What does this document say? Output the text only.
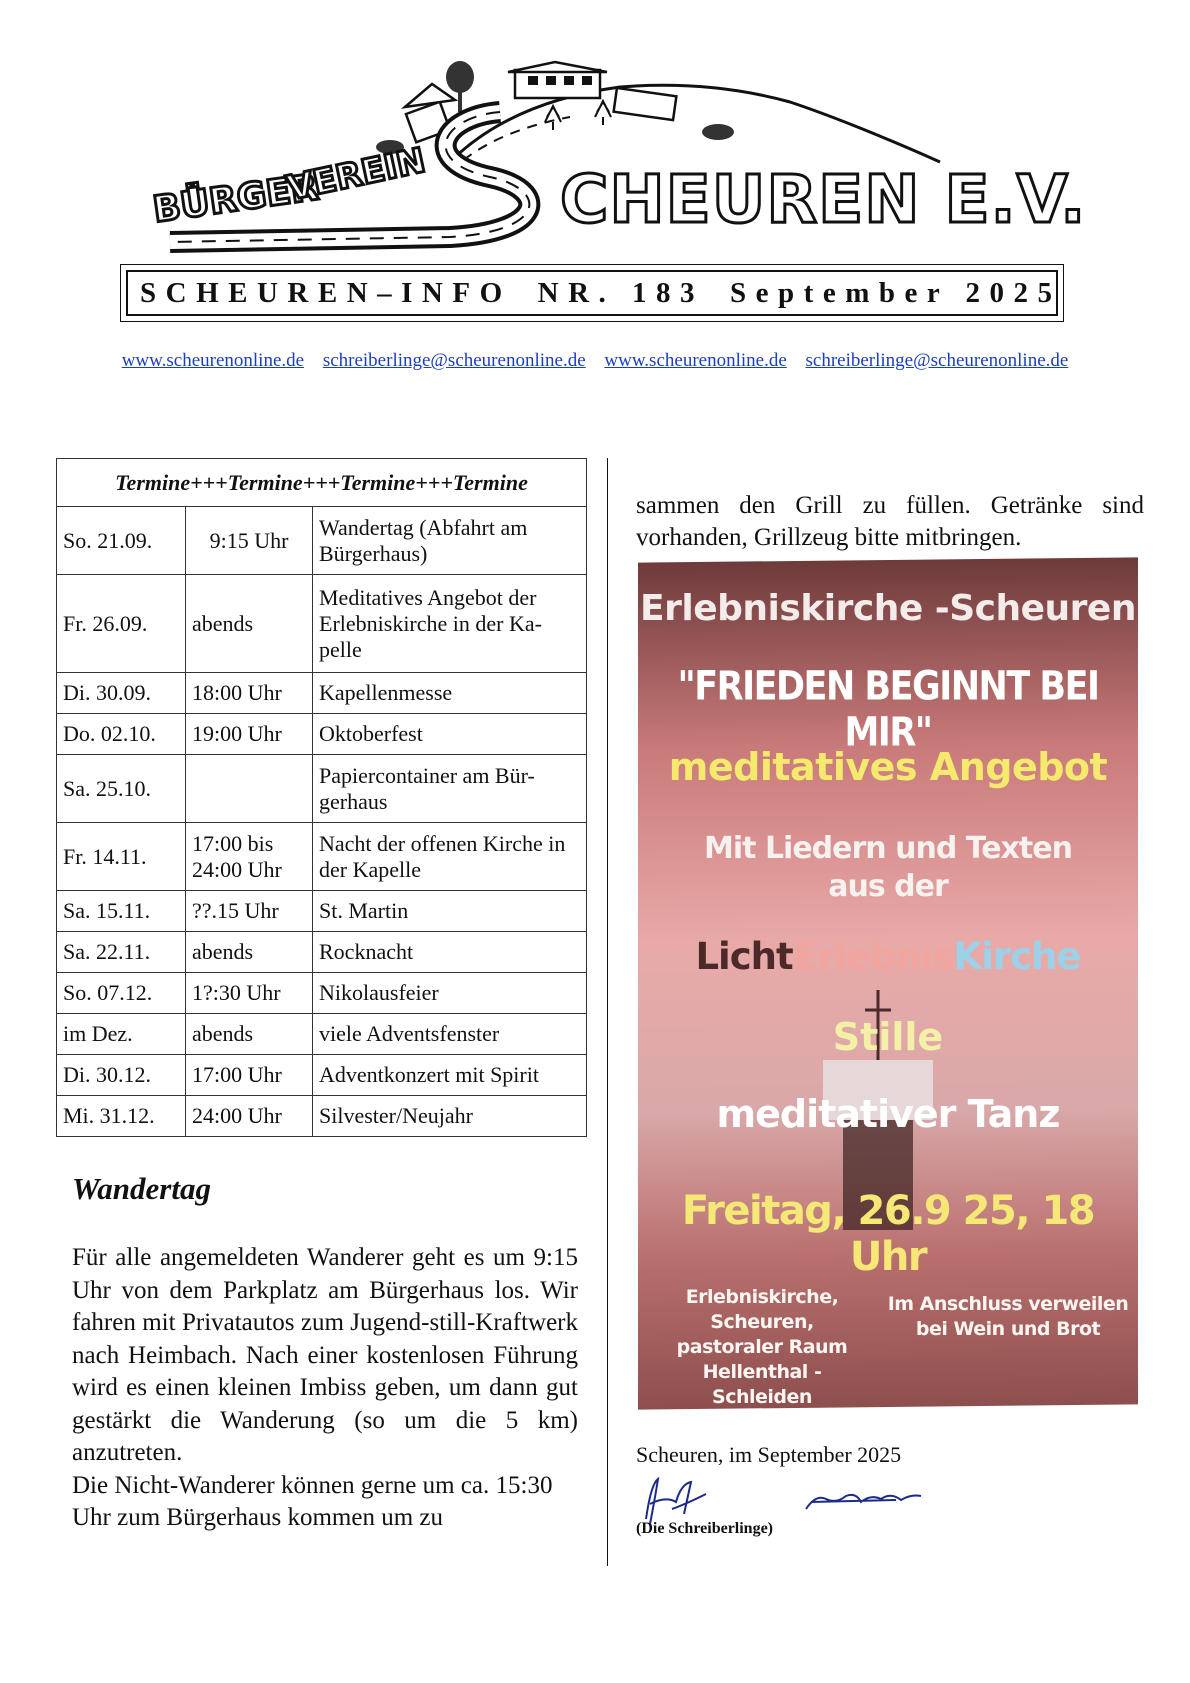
BÜRGER
VEREIN CHEUREN E.V.
SCHEUREN–INFO NR. 183 September 2025
www.scheurenonline.de schreiberlinge@scheurenonline.de www.scheurenonline.de schreiberlinge@scheurenonline.de
Termine+++Termine+++Termine+++Termine		
So. 21.09.	9:15 Uhr	Wandertag (Abfahrt am Bürgerhaus)
Fr. 26.09.	abends	Meditatives Angebot der Erlebniskirche in der Ka-pelle
Di. 30.09.	18:00 Uhr	Kapellenmesse
Do. 02.10.	19:00 Uhr	Oktoberfest
Sa. 25.10.		Papiercontainer am Bür-gerhaus
Fr. 14.11.	17:00 bis 24:00 Uhr	Nacht der offenen Kirche in der Kapelle
Sa. 15.11.	??.15 Uhr	St. Martin
Sa. 22.11.	abends	Rocknacht
So. 07.12.	1?:30 Uhr	Nikolausfeier
im Dez.	abends	viele Adventsfenster
Di. 30.12.	17:00 Uhr	Adventkonzert mit Spirit
Mi. 31.12.	24:00 Uhr	Silvester/Neujahr
Wandertag

Für alle angemeldeten Wanderer geht es um 9:15 Uhr von dem Parkplatz am Bürgerhaus los. Wir fahren mit Privatautos zum Jugend-still-Kraftwerk nach Heimbach. Nach einer kostenlosen Führung wird es einen kleinen Imbiss geben, um dann gut gestärkt die Wanderung (so um die 5 km) anzutreten.

Die Nicht-Wanderer können gerne um ca. 15:30 Uhr zum Bürgerhaus kommen um zu

sammen den Grill zu füllen. Getränke sind vorhanden, Grillzeug bitte mitbringen.
Erlebniskirche -Scheuren
"FRIEDEN BEGINNT BEI MIR"
meditatives Angebot
Mit Liedern und Texten
aus der
LichtErlebnisKirche
Stille
meditativer Tanz
Freitag, 26.9 25, 18 Uhr
Erlebniskirche, Scheuren,
pastoraler Raum
Hellenthal - Schleiden
Im Anschluss verweilen
bei Wein und Brot
Scheuren, im September 2025
(Die Schreiberlinge)
